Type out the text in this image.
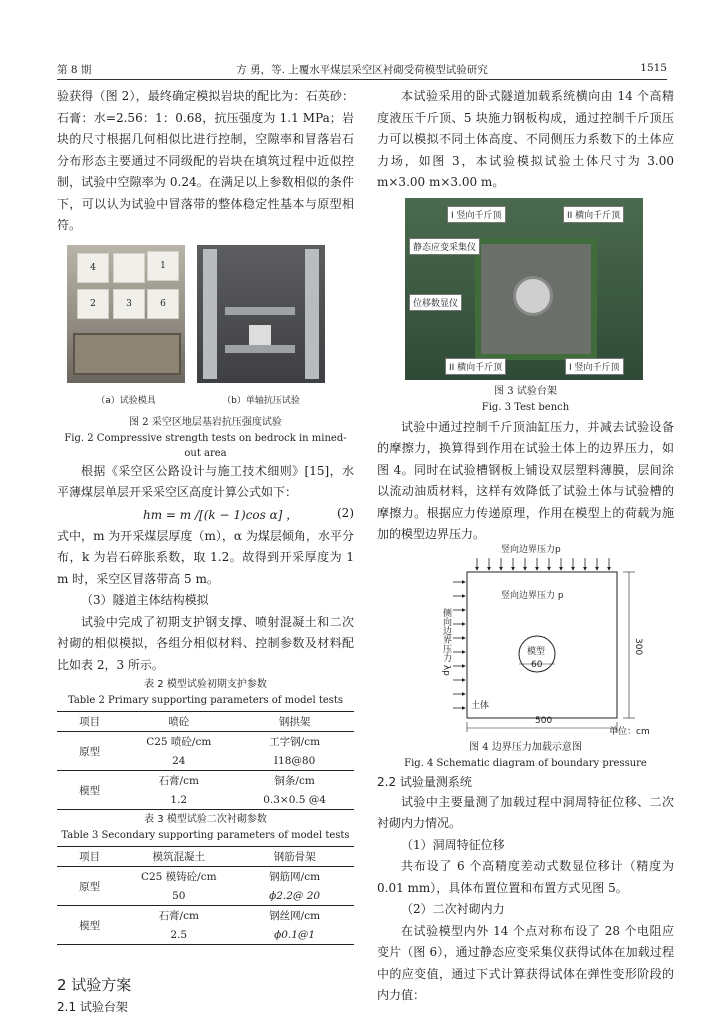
第 8 期	方 勇，等. 上覆水平煤层采空区衬砌受荷模型试验研究	1515

验获得（图 2），最终确定模拟岩块的配比为：石英砂：石膏：水=2.56：1：0.68，抗压强度为 1.1 MPa；岩块的尺寸根据几何相似比进行控制，空隙率和冒落岩石分布形态主要通过不同级配的岩块在填筑过程中近似控制，试验中空隙率为 0.24。在满足以上参数相似的条件下，可以认为试验中冒落带的整体稳定性基本与原型相符。

4	1
2	3	6
（a）试验模具	（b）单轴抗压试验

图 2 采空区地层基岩抗压强度试验

Fig. 2 Compressive strength tests on bedrock in mined-out area

根据《采空区公路设计与施工技术细则》[15]，水平薄煤层单层开采采空区高度计算公式如下：

hm = m /[(k − 1)cos α] ，	(2)

式中，m 为开采煤层厚度（m），α 为煤层倾角，水平分布，k 为岩石碎胀系数，取 1.2。故得到开采厚度为 1 m 时，采空区冒落带高 5 m。

（3）隧道主体结构模拟

试验中完成了初期支护钢支撑、喷射混凝土和二次衬砌的相似模拟，各组分相似材料、控制参数及材料配比如表 2，3 所示。

表 2 模型试验初期支护参数

Table 2 Primary supporting parameters of model tests

项目	喷砼	钢拱架
原型	C25 喷砼/cm	工字钢/cm
	24	I18@80
模型	石膏/cm	铜条/cm
	1.2	0.3×0.5 @4

表 3 模型试验二次衬砌参数

Table 3 Secondary supporting parameters of model tests

项目	模筑混凝土	钢筋骨架
原型	C25 模铸砼/cm	钢筋网/cm
	50	ϕ2.2@ 20
模型	石膏/cm	钢丝网/cm
	2.5	ϕ0.1@1
2 试验方案
2.1 试验台架

本试验采用的卧式隧道加载系统横向由 14 个高精度液压千斤顶、5 块施力钢板构成，通过控制千斤顶压力可以模拟不同土体高度、不同侧压力系数下的土体应力场，如图 3，本试验模拟试验土体尺寸为 3.00 m×3.00 m×3.00 m。

I 竖向千斤顶	II 横向千斤顶
静态应变采集仪
位移数显仪
II 横向千斤顶	I 竖向千斤顶

图 3 试验台架

Fig. 3 Test bench

试验中通过控制千斤顶油缸压力，并减去试验设备的摩擦力，换算得到作用在试验土体上的边界压力，如图 4。同时在试验槽钢板上铺设双层塑料薄膜，层间涂以流动油质材料，这样有效降低了试验土体与试验槽的摩擦力。根据应力传递原理，作用在模型上的荷载为施加的模型边界压力。

竖向边界压力p
竖向边界压力 p
侧向边界压力 λp	模型
60
土体
500
300
单位：cm

图 4 边界压力加载示意图

Fig. 4 Schematic diagram of boundary pressure

2.2 试验量测系统

试验中主要量测了加载过程中洞周特征位移、二次衬砌内力情况。

（1）洞周特征位移

共布设了 6 个高精度差动式数显位移计（精度为 0.01 mm），具体布置位置和布置方式见图 5。

（2）二次衬砌内力

在试验模型内外 14 个点对称布设了 28 个电阻应变片（图 6），通过静态应变采集仪获得试体在加载过程中的应变值，通过下式计算获得试体在弹性变形阶段的内力值：
